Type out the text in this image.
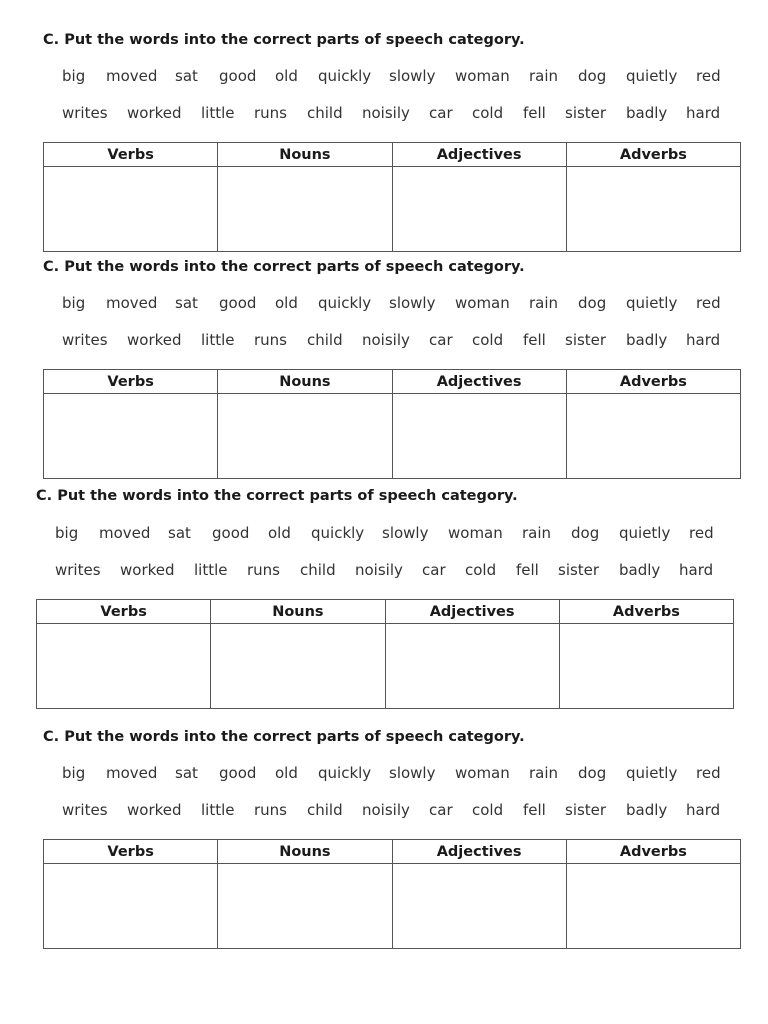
C. Put the words into the correct parts of speech category.
big moved sat good old quickly slowly woman rain dog quietly red
writes worked little runs child noisily car cold fell sister badly hard
Verbs	Nouns	Adjectives	Adverbs

C. Put the words into the correct parts of speech category.
big moved sat good old quickly slowly woman rain dog quietly red
writes worked little runs child noisily car cold fell sister badly hard
Verbs	Nouns	Adjectives	Adverbs

C. Put the words into the correct parts of speech category.
big moved sat good old quickly slowly woman rain dog quietly red
writes worked little runs child noisily car cold fell sister badly hard
Verbs	Nouns	Adjectives	Adverbs

C. Put the words into the correct parts of speech category.
big moved sat good old quickly slowly woman rain dog quietly red
writes worked little runs child noisily car cold fell sister badly hard
Verbs	Nouns	Adjectives	Adverbs
